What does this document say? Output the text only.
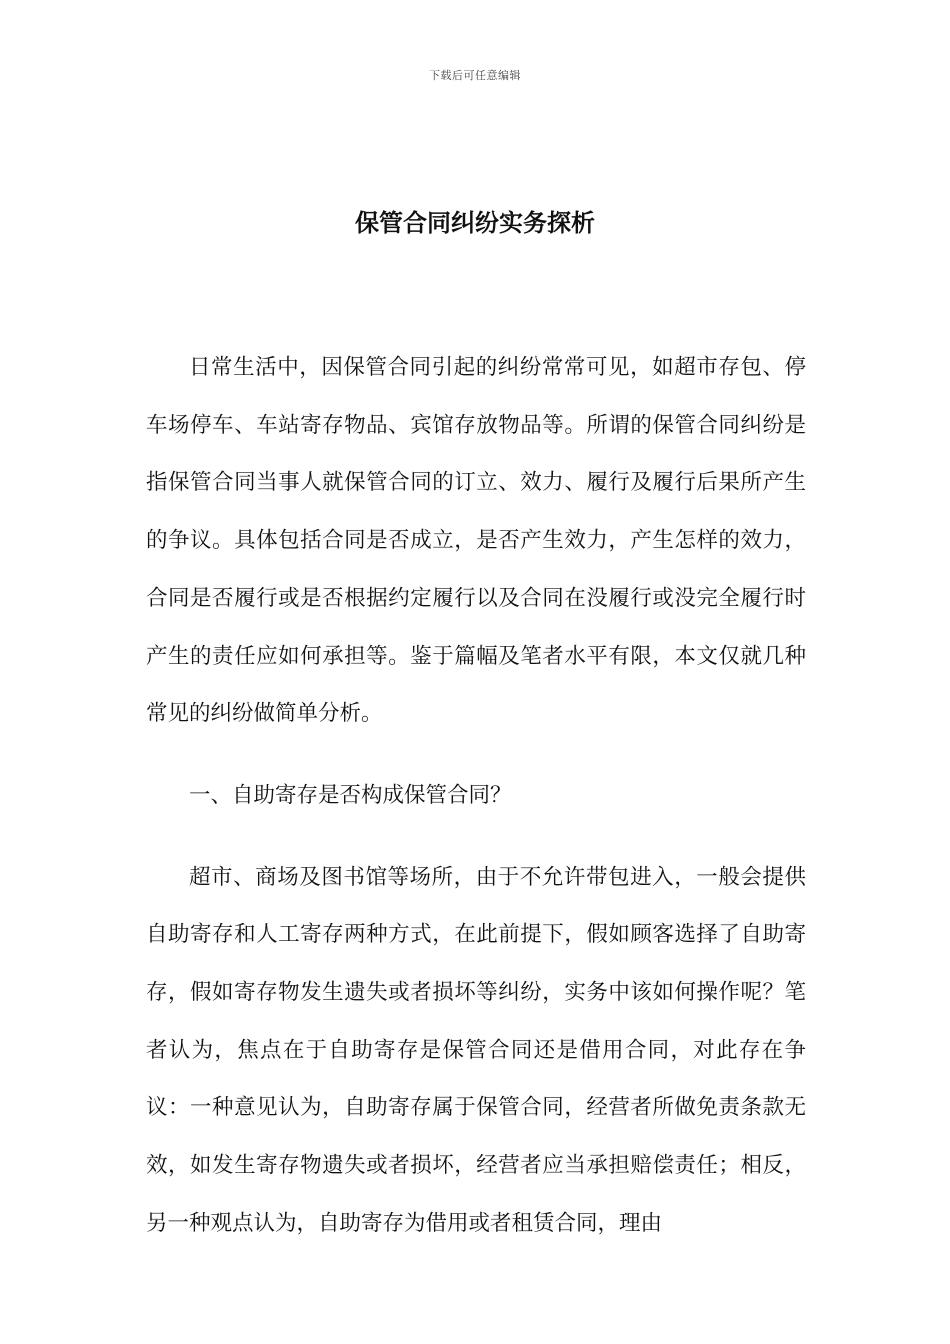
下载后可任意编辑
保管合同纠纷实务探析

日常生活中，因保管合同引起的纠纷常常可见，如超市存包、停车场停车、车站寄存物品、宾馆存放物品等。所谓的保管合同纠纷是指保管合同当事人就保管合同的订立、效力、履行及履行后果所产生的争议。具体包括合同是否成立，是否产生效力，产生怎样的效力，合同是否履行或是否根据约定履行以及合同在没履行或没完全履行时产生的责任应如何承担等。鉴于篇幅及笔者水平有限，本文仅就几种常见的纠纷做简单分析。

一、自助寄存是否构成保管合同？

超市、商场及图书馆等场所，由于不允许带包进入，一般会提供自助寄存和人工寄存两种方式，在此前提下，假如顾客选择了自助寄存，假如寄存物发生遗失或者损坏等纠纷，实务中该如何操作呢？笔者认为，焦点在于自助寄存是保管合同还是借用合同，对此存在争议：一种意见认为，自助寄存属于保管合同，经营者所做免责条款无效，如发生寄存物遗失或者损坏，经营者应当承担赔偿责任；相反，另一种观点认为，自助寄存为借用或者租赁合同，理由
